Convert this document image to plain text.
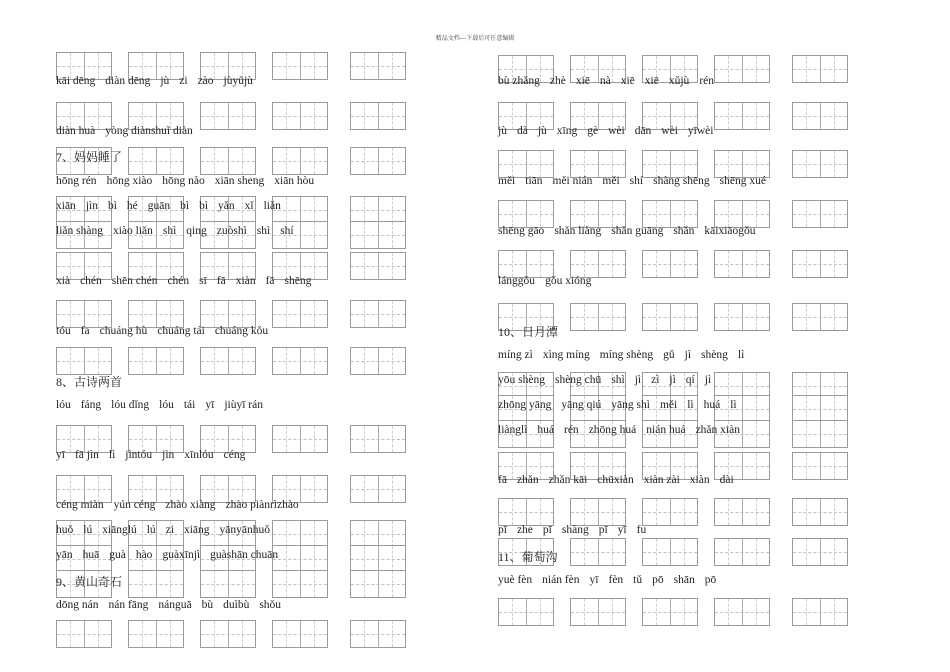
精品文档---下载后可任意编辑
kāi dēng diàn dēng jù zi zào jùyǔjù
diàn huà yòng diànshuǐ diàn
hōng rén hōng xiào hōng nào xiān sheng xiān hòu
xiān jìn bì hé guān bì bì yǎn xǐ liǎn
liǎn shàng xiào liǎn shì qing zuòshì shì shí
xià chén shēn chén chén sī fā xiàn fā shēng
tóu fa chuáng hù chuáng tái chuáng kǒu
lóu fáng lóu dǐng lóu tái yī jiùyī rán
yī fā jìn lì jìntóu jìn xīnlóu céng
céng miàn yún céng zhào xiàng zhào piànrìzhào
huǒ lú xiānglú lú zi xiāng yānyānhuǒ
yān huā guà hào guàxīnjì guàshān chuān
dōng nán nán fāng nánguā bù duìbù shǒu
7、妈妈睡了
8、古诗两首
9、黄山奇石
bù zhǎng zhè xiē nà xiē xiē xǔjù rén
jù dà jù xīng gè wèi dān wèi yīwèi
měi tiān měi nián měi shí shàng shēng shēng xué
shēng gāo shǎn liàng shǎn guāng shǎn kāixiāogǒu
lánggǒu gǒu xióng
míng zì xìng míng míng shèng gǔ jì shèng lì
yōu shèng shèng chū shì jì zì jì qí jì
zhōng yāng yāng qiú yāng shì měi lì huá lì
liànglì huá rén zhōng huá nián huá zhǎn xiàn
fā zhǎn zhǎn kāi chūxiàn xiàn zài xiàn dài
pī zhe pī shàng pī yī fu
yuè fèn nián fèn yī fèn tǔ pō shān pō
10、日月潭
11、葡萄沟
